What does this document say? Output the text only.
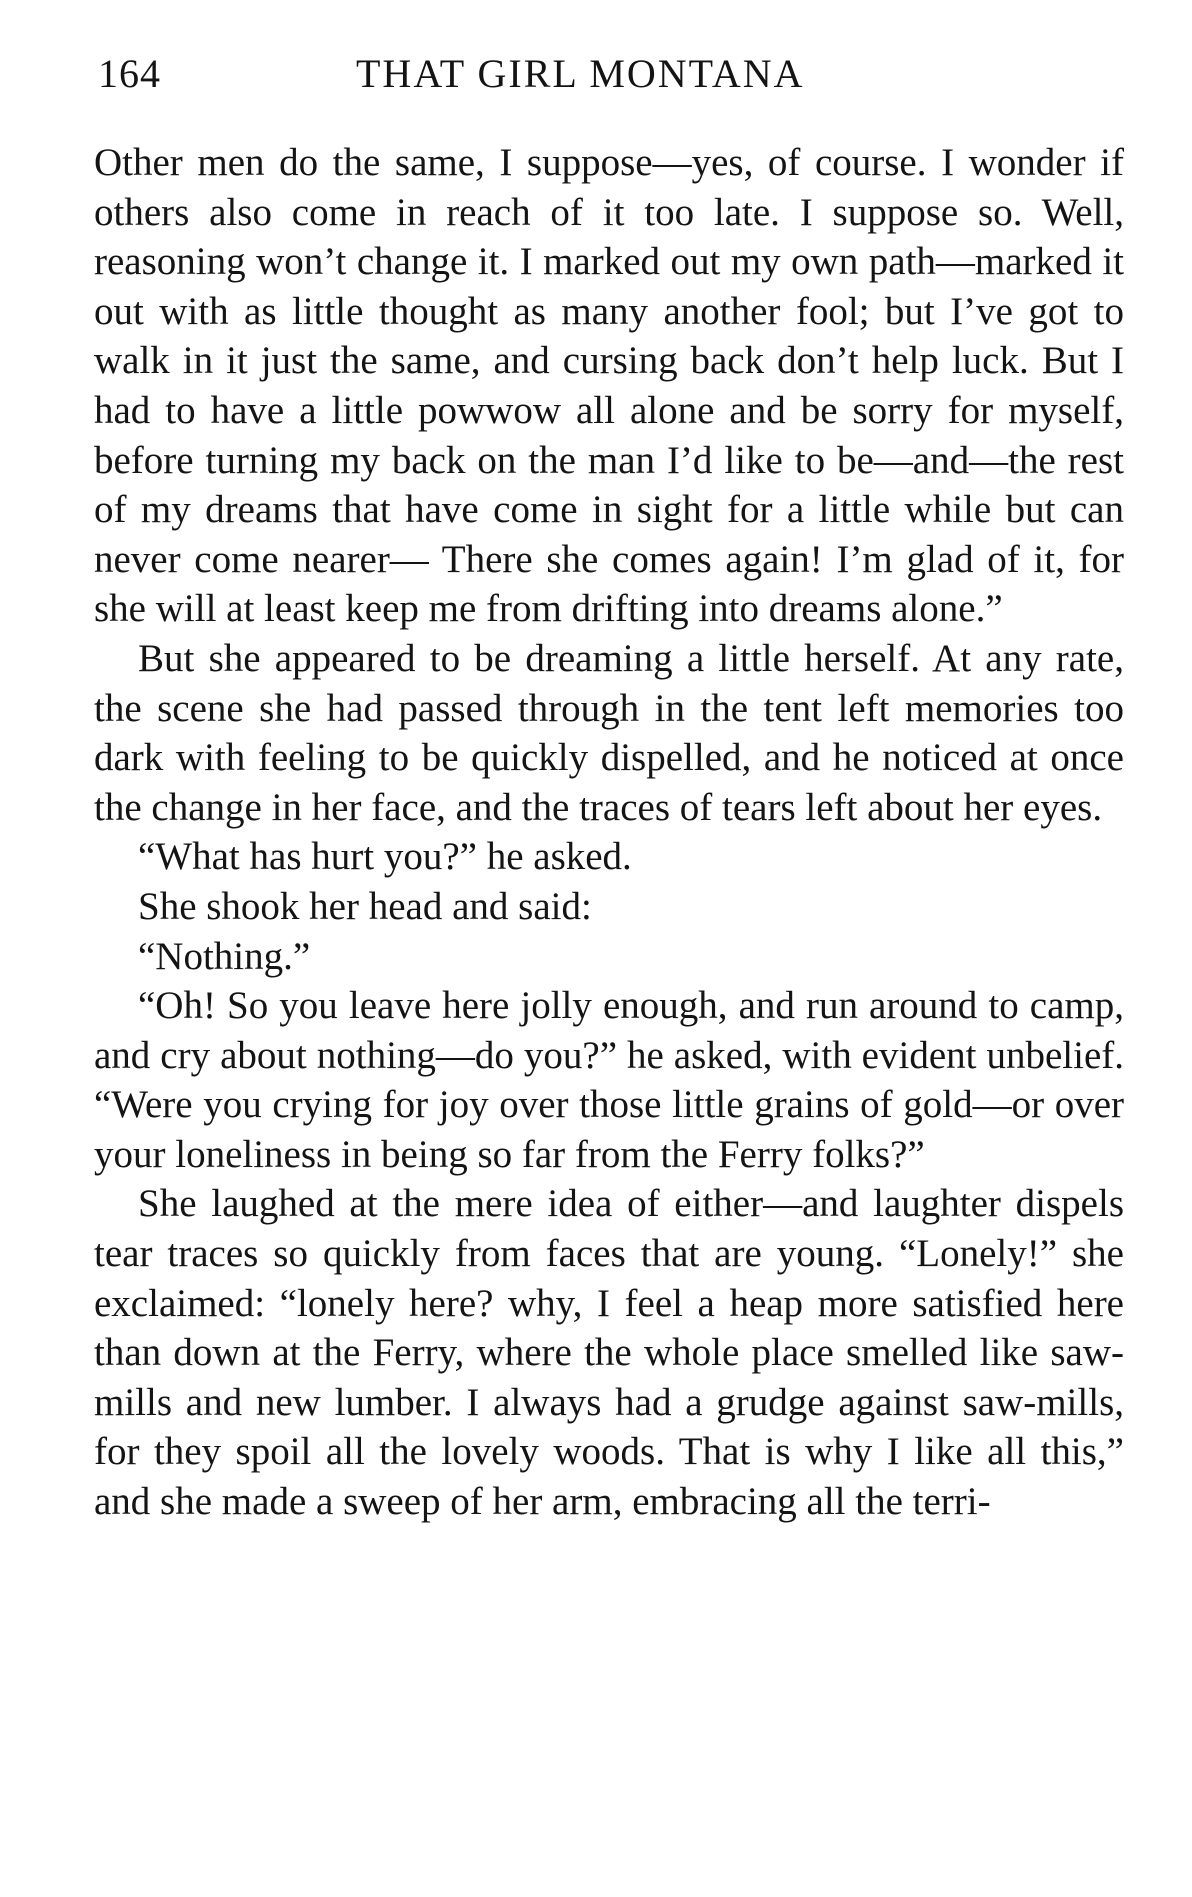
164	THAT GIRL MONTANA

Other men do the same, I suppose—yes, of course. I wonder if others also come in reach of it too late. I suppose so. Well, reasoning won’t change it. I marked out my own path—marked it out with as little thought as many another fool; but I’ve got to walk in it just the same, and cursing back don’t help luck. But I had to have a little powwow all alone and be sorry for myself, before turning my back on the man I’d like to be—and—the rest of my dreams that have come in sight for a little while but can never come nearer— There she comes again! I’m glad of it, for she will at least keep me from drifting into dreams alone.”

But she appeared to be dreaming a little herself. At any rate, the scene she had passed through in the tent left memories too dark with feeling to be quickly dispelled, and he noticed at once the change in her face, and the traces of tears left about her eyes.

“What has hurt you?” he asked.

She shook her head and said:

“Nothing.”

“Oh! So you leave here jolly enough, and run around to camp, and cry about nothing—do you?” he asked, with evident unbelief. “Were you crying for joy over those little grains of gold—or over your loneliness in being so far from the Ferry folks?”

She laughed at the mere idea of either—and laughter dispels tear traces so quickly from faces that are young. “Lonely!” she exclaimed: “lonely here? why, I feel a heap more satisfied here than down at the Ferry, where the whole place smelled like saw-mills and new lumber. I always had a grudge against saw-mills, for they spoil all the lovely woods. That is why I like all this,” and she made a sweep of her arm, embracing all the terri-
